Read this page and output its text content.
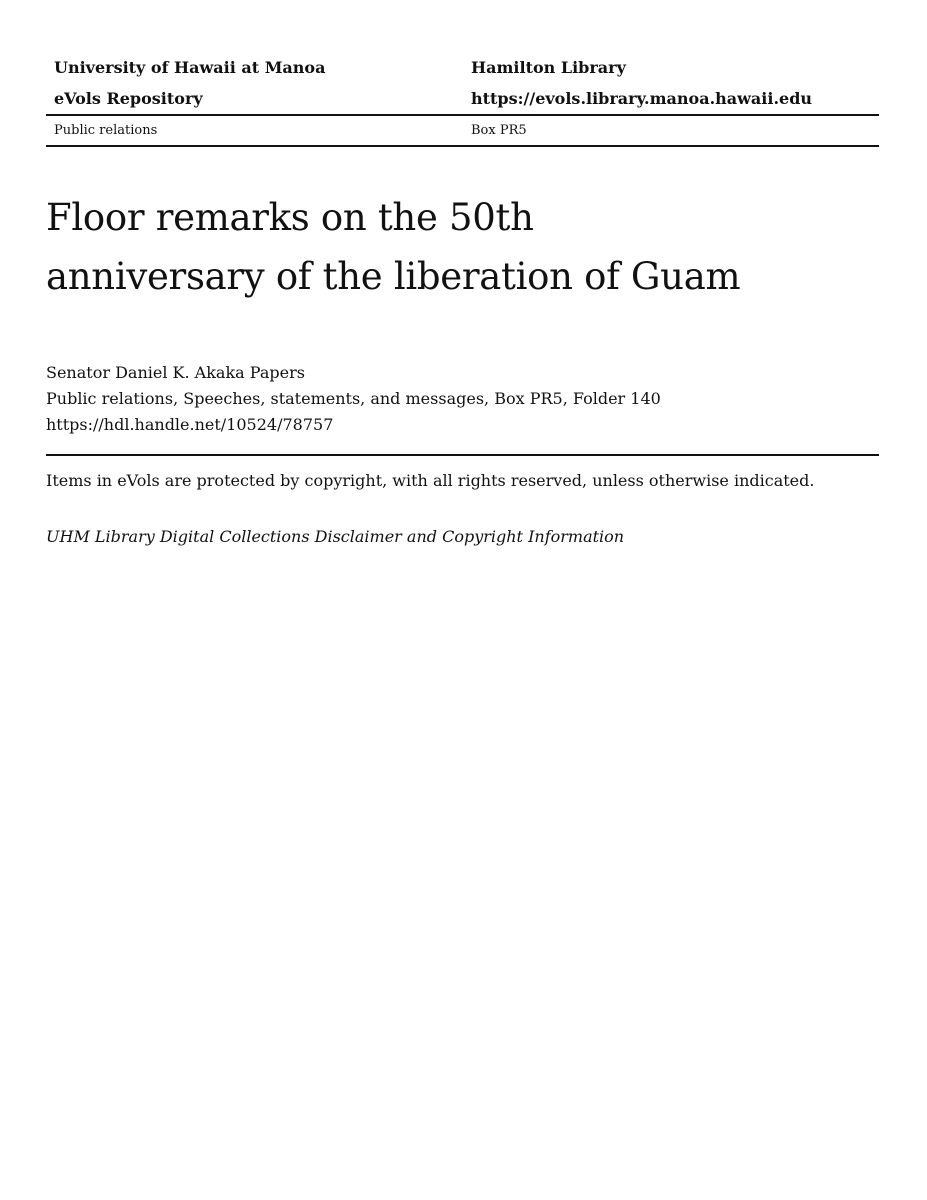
University of Hawaii at Manoa	Hamilton Library
eVols Repository	https://evols.library.manoa.hawaii.edu
Public relations	Box PR5
Floor remarks on the 50th
anniversary of the liberation of Guam
Senator Daniel K. Akaka Papers
Public relations, Speeches, statements, and messages, Box PR5, Folder 140
https://hdl.handle.net/10524/78757
Items in eVols are protected by copyright, with all rights reserved, unless otherwise indicated.
UHM Library Digital Collections Disclaimer and Copyright Information
